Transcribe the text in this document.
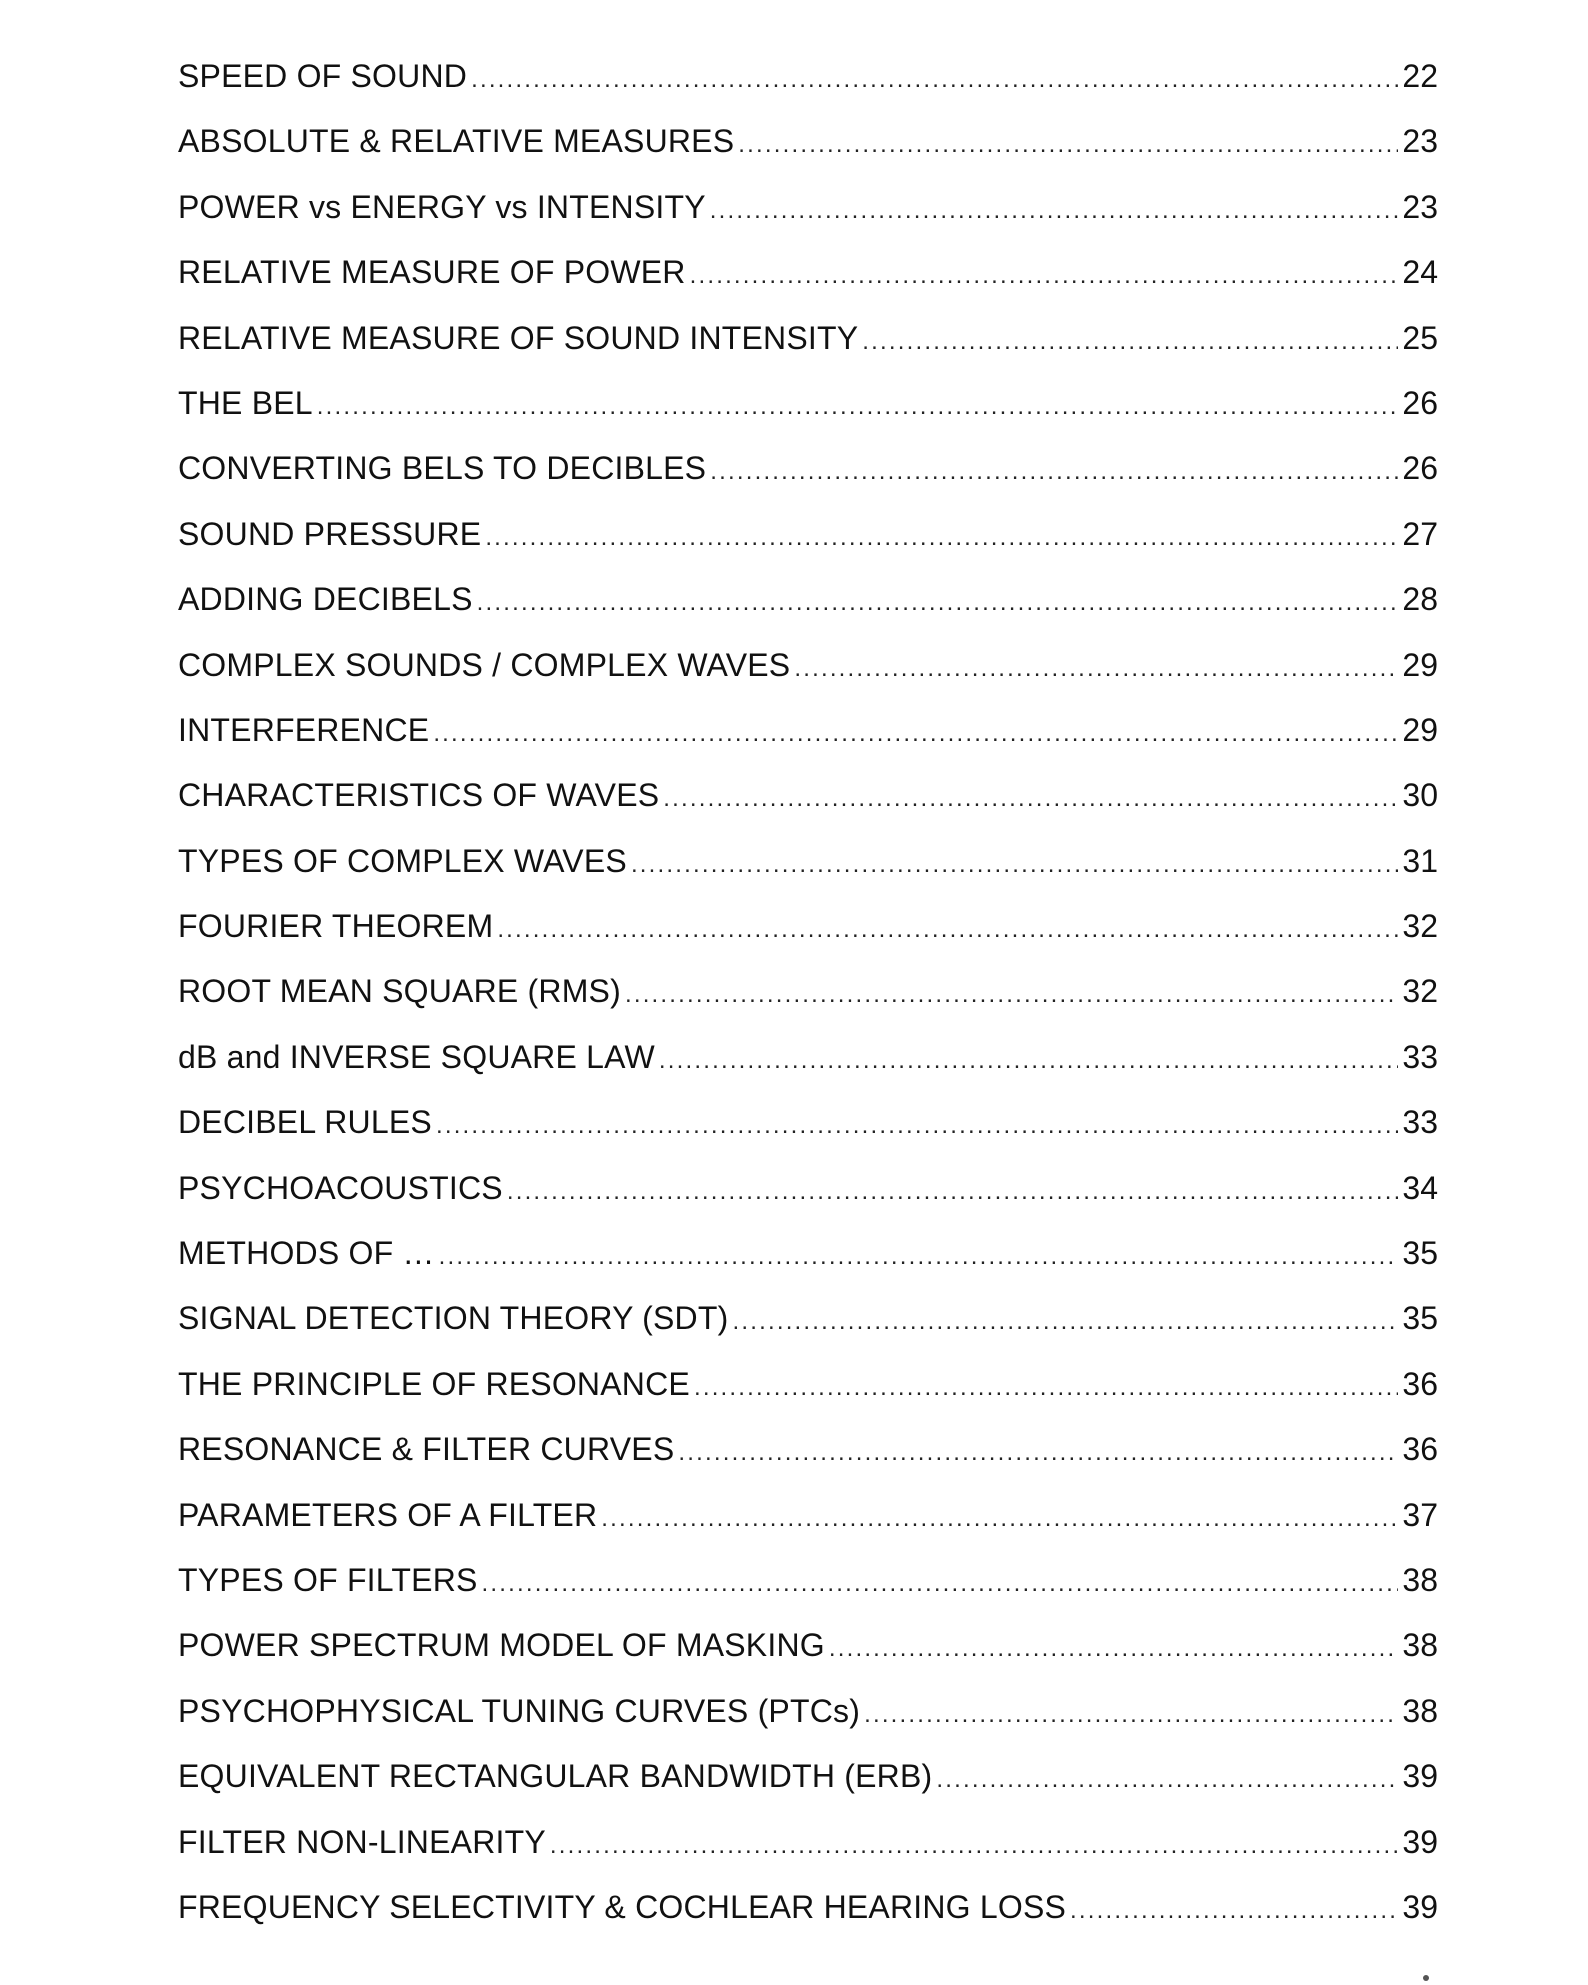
SPEED OF SOUND .....	22
ABSOLUTE & RELATIVE MEASURES .....	23
POWER vs ENERGY vs INTENSITY .....	23
RELATIVE MEASURE OF POWER .....	24
RELATIVE MEASURE OF SOUND INTENSITY .....	25
THE BEL .....	26
CONVERTING BELS TO DECIBLES .....	26
SOUND PRESSURE .....	27
ADDING DECIBELS .....	28
COMPLEX SOUNDS / COMPLEX WAVES .....	29
INTERFERENCE .....	29
CHARACTERISTICS OF WAVES .....	30
TYPES OF COMPLEX WAVES .....	31
FOURIER THEOREM .....	32
ROOT MEAN SQUARE (RMS) .....	32
dB and INVERSE SQUARE LAW .....	33
DECIBEL RULES .....	33
PSYCHOACOUSTICS .....	34
METHODS OF … .....	35
SIGNAL DETECTION THEORY (SDT) .....	35
THE PRINCIPLE OF RESONANCE .....	36
RESONANCE & FILTER CURVES .....	36
PARAMETERS OF A FILTER .....	37
TYPES OF FILTERS .....	38
POWER SPECTRUM MODEL OF MASKING .....	38
PSYCHOPHYSICAL TUNING CURVES (PTCs) .....	38
EQUIVALENT RECTANGULAR BANDWIDTH (ERB) .....	39
FILTER NON-LINEARITY .....	39
FREQUENCY SELECTIVITY & COCHLEAR HEARING LOSS .....	39
